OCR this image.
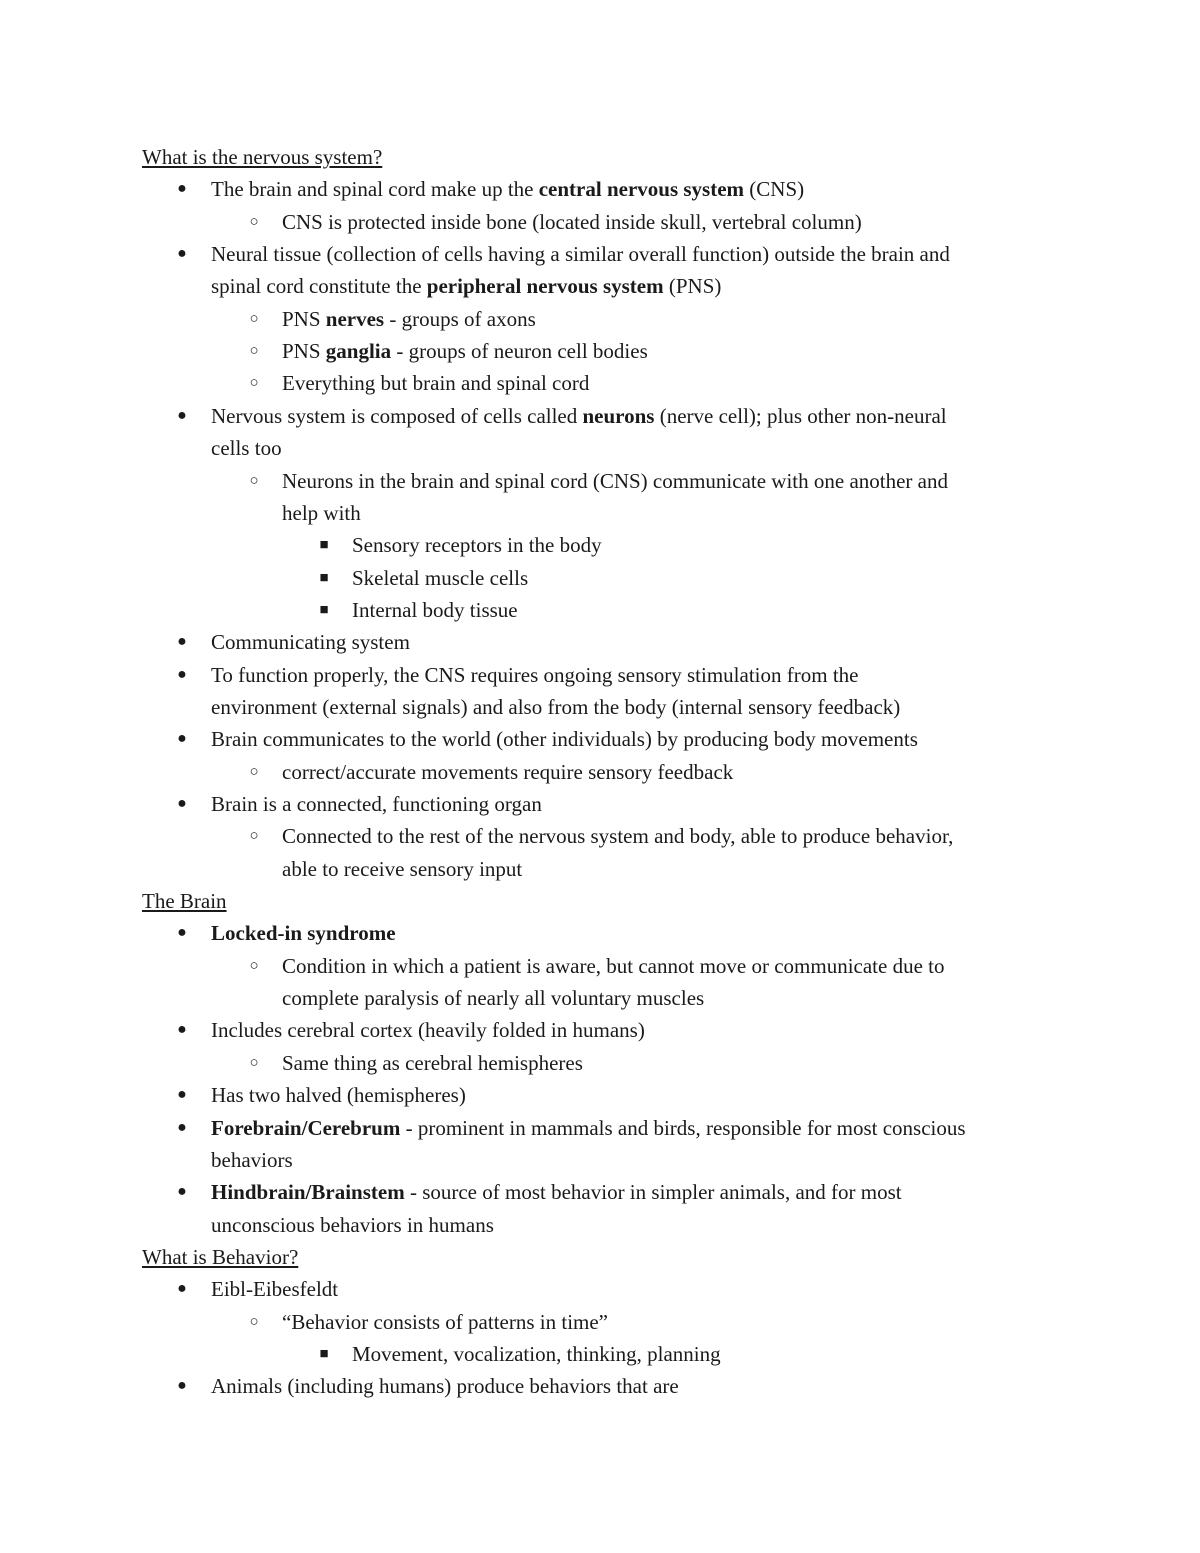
What is the nervous system?
● The brain and spinal cord make up the central nervous system (CNS)
○ CNS is protected inside bone (located inside skull, vertebral column)
● Neural tissue (collection of cells having a similar overall function) outside the brain and
spinal cord constitute the peripheral nervous system (PNS)
○ PNS nerves - groups of axons
○ PNS ganglia - groups of neuron cell bodies
○ Everything but brain and spinal cord
● Nervous system is composed of cells called neurons (nerve cell); plus other non-neural
cells too
○ Neurons in the brain and spinal cord (CNS) communicate with one another and
help with
■ Sensory receptors in the body
■ Skeletal muscle cells
■ Internal body tissue
● Communicating system
● To function properly, the CNS requires ongoing sensory stimulation from the
environment (external signals) and also from the body (internal sensory feedback)
● Brain communicates to the world (other individuals) by producing body movements
○ correct/accurate movements require sensory feedback
● Brain is a connected, functioning organ
○ Connected to the rest of the nervous system and body, able to produce behavior,
able to receive sensory input
The Brain
● Locked-in syndrome
○ Condition in which a patient is aware, but cannot move or communicate due to
complete paralysis of nearly all voluntary muscles
● Includes cerebral cortex (heavily folded in humans)
○ Same thing as cerebral hemispheres
● Has two halved (hemispheres)
● Forebrain/Cerebrum - prominent in mammals and birds, responsible for most conscious
behaviors
● Hindbrain/Brainstem - source of most behavior in simpler animals, and for most
unconscious behaviors in humans
What is Behavior?
● Eibl-Eibesfeldt
○ “Behavior consists of patterns in time”
■ Movement, vocalization, thinking, planning
● Animals (including humans) produce behaviors that are
